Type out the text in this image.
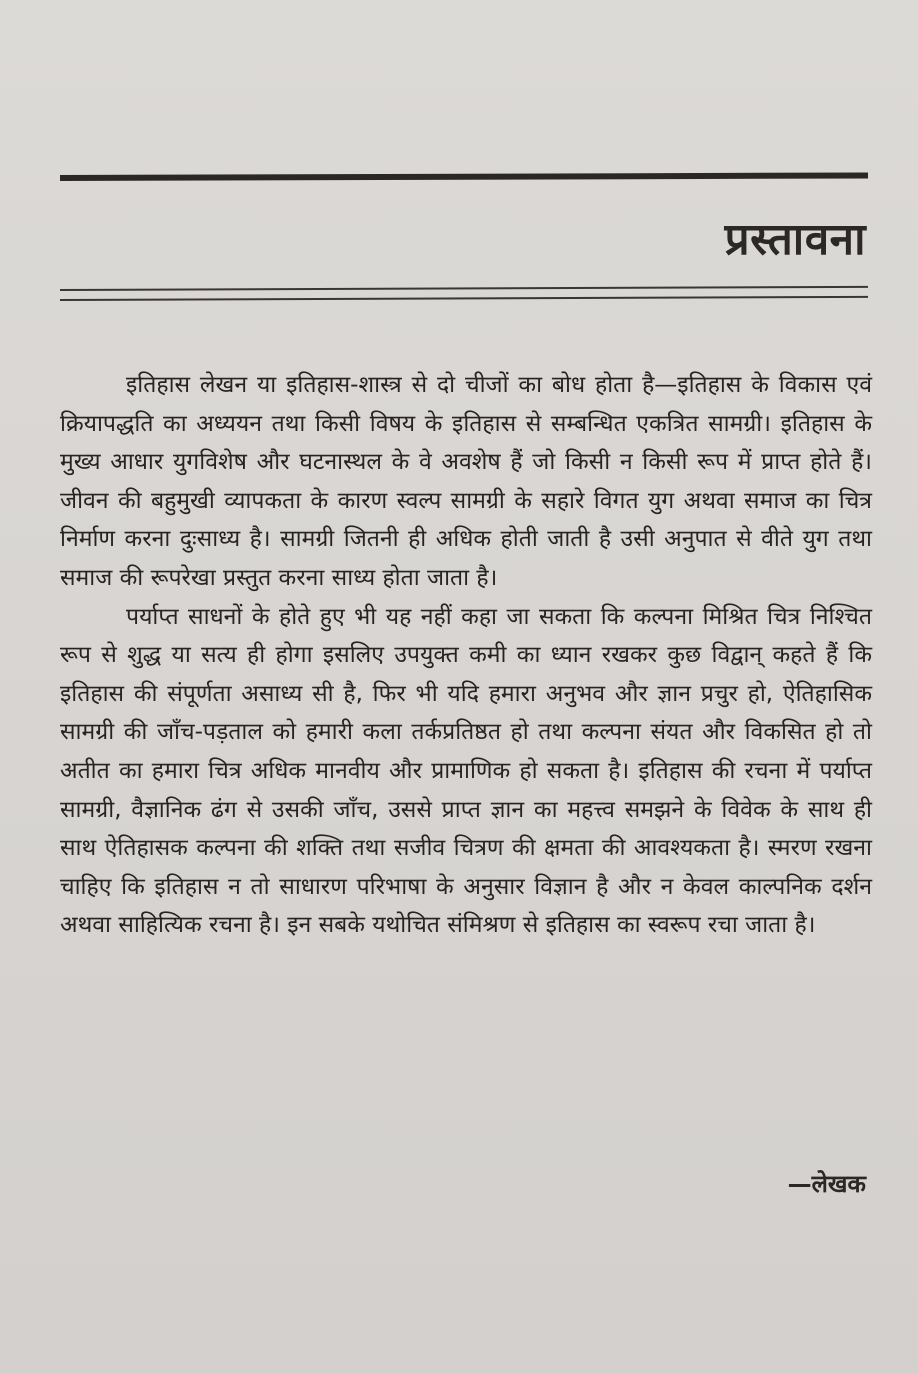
प्रस्तावना

इतिहास लेखन या इतिहास-शास्त्र से दो चीजों का बोध होता है—इतिहास के विकास एवं क्रियापद्धति का अध्ययन तथा किसी विषय के इतिहास से सम्बन्धित एकत्रित सामग्री। इतिहास के मुख्य आधार युगविशेष और घटनास्थल के वे अवशेष हैं जो किसी न किसी रूप में प्राप्त होते हैं। जीवन की बहुमुखी व्यापकता के कारण स्वल्प सामग्री के सहारे विगत युग अथवा समाज का चित्र निर्माण करना दुःसाध्य है। सामग्री जितनी ही अधिक होती जाती है उसी अनुपात से वीते युग तथा समाज की रूपरेखा प्रस्तुत करना साध्य होता जाता है।

पर्याप्त साधनों के होते हुए भी यह नहीं कहा जा सकता कि कल्पना मिश्रित चित्र निश्चित रूप से शुद्ध या सत्य ही होगा इसलिए उपयुक्त कमी का ध्यान रखकर कुछ विद्वान् कहते हैं कि इतिहास की संपूर्णता असाध्य सी है, फिर भी यदि हमारा अनुभव और ज्ञान प्रचुर हो, ऐतिहासिक सामग्री की जाँच-पड़ताल को हमारी कला तर्कप्रतिष्ठत हो तथा कल्पना संयत और विकसित हो तो अतीत का हमारा चित्र अधिक मानवीय और प्रामाणिक हो सकता है। इतिहास की रचना में पर्याप्त सामग्री, वैज्ञानिक ढंग से उसकी जाँच, उससे प्राप्त ज्ञान का महत्त्व समझने के विवेक के साथ ही साथ ऐतिहासक कल्पना की शक्ति तथा सजीव चित्रण की क्षमता की आवश्यकता है। स्मरण रखना चाहिए कि इतिहास न तो साधारण परिभाषा के अनुसार विज्ञान है और न केवल काल्पनिक दर्शन अथवा साहित्यिक रचना है। इन सबके यथोचित संमिश्रण से इतिहास का स्वरूप रचा जाता है।

—लेखक
